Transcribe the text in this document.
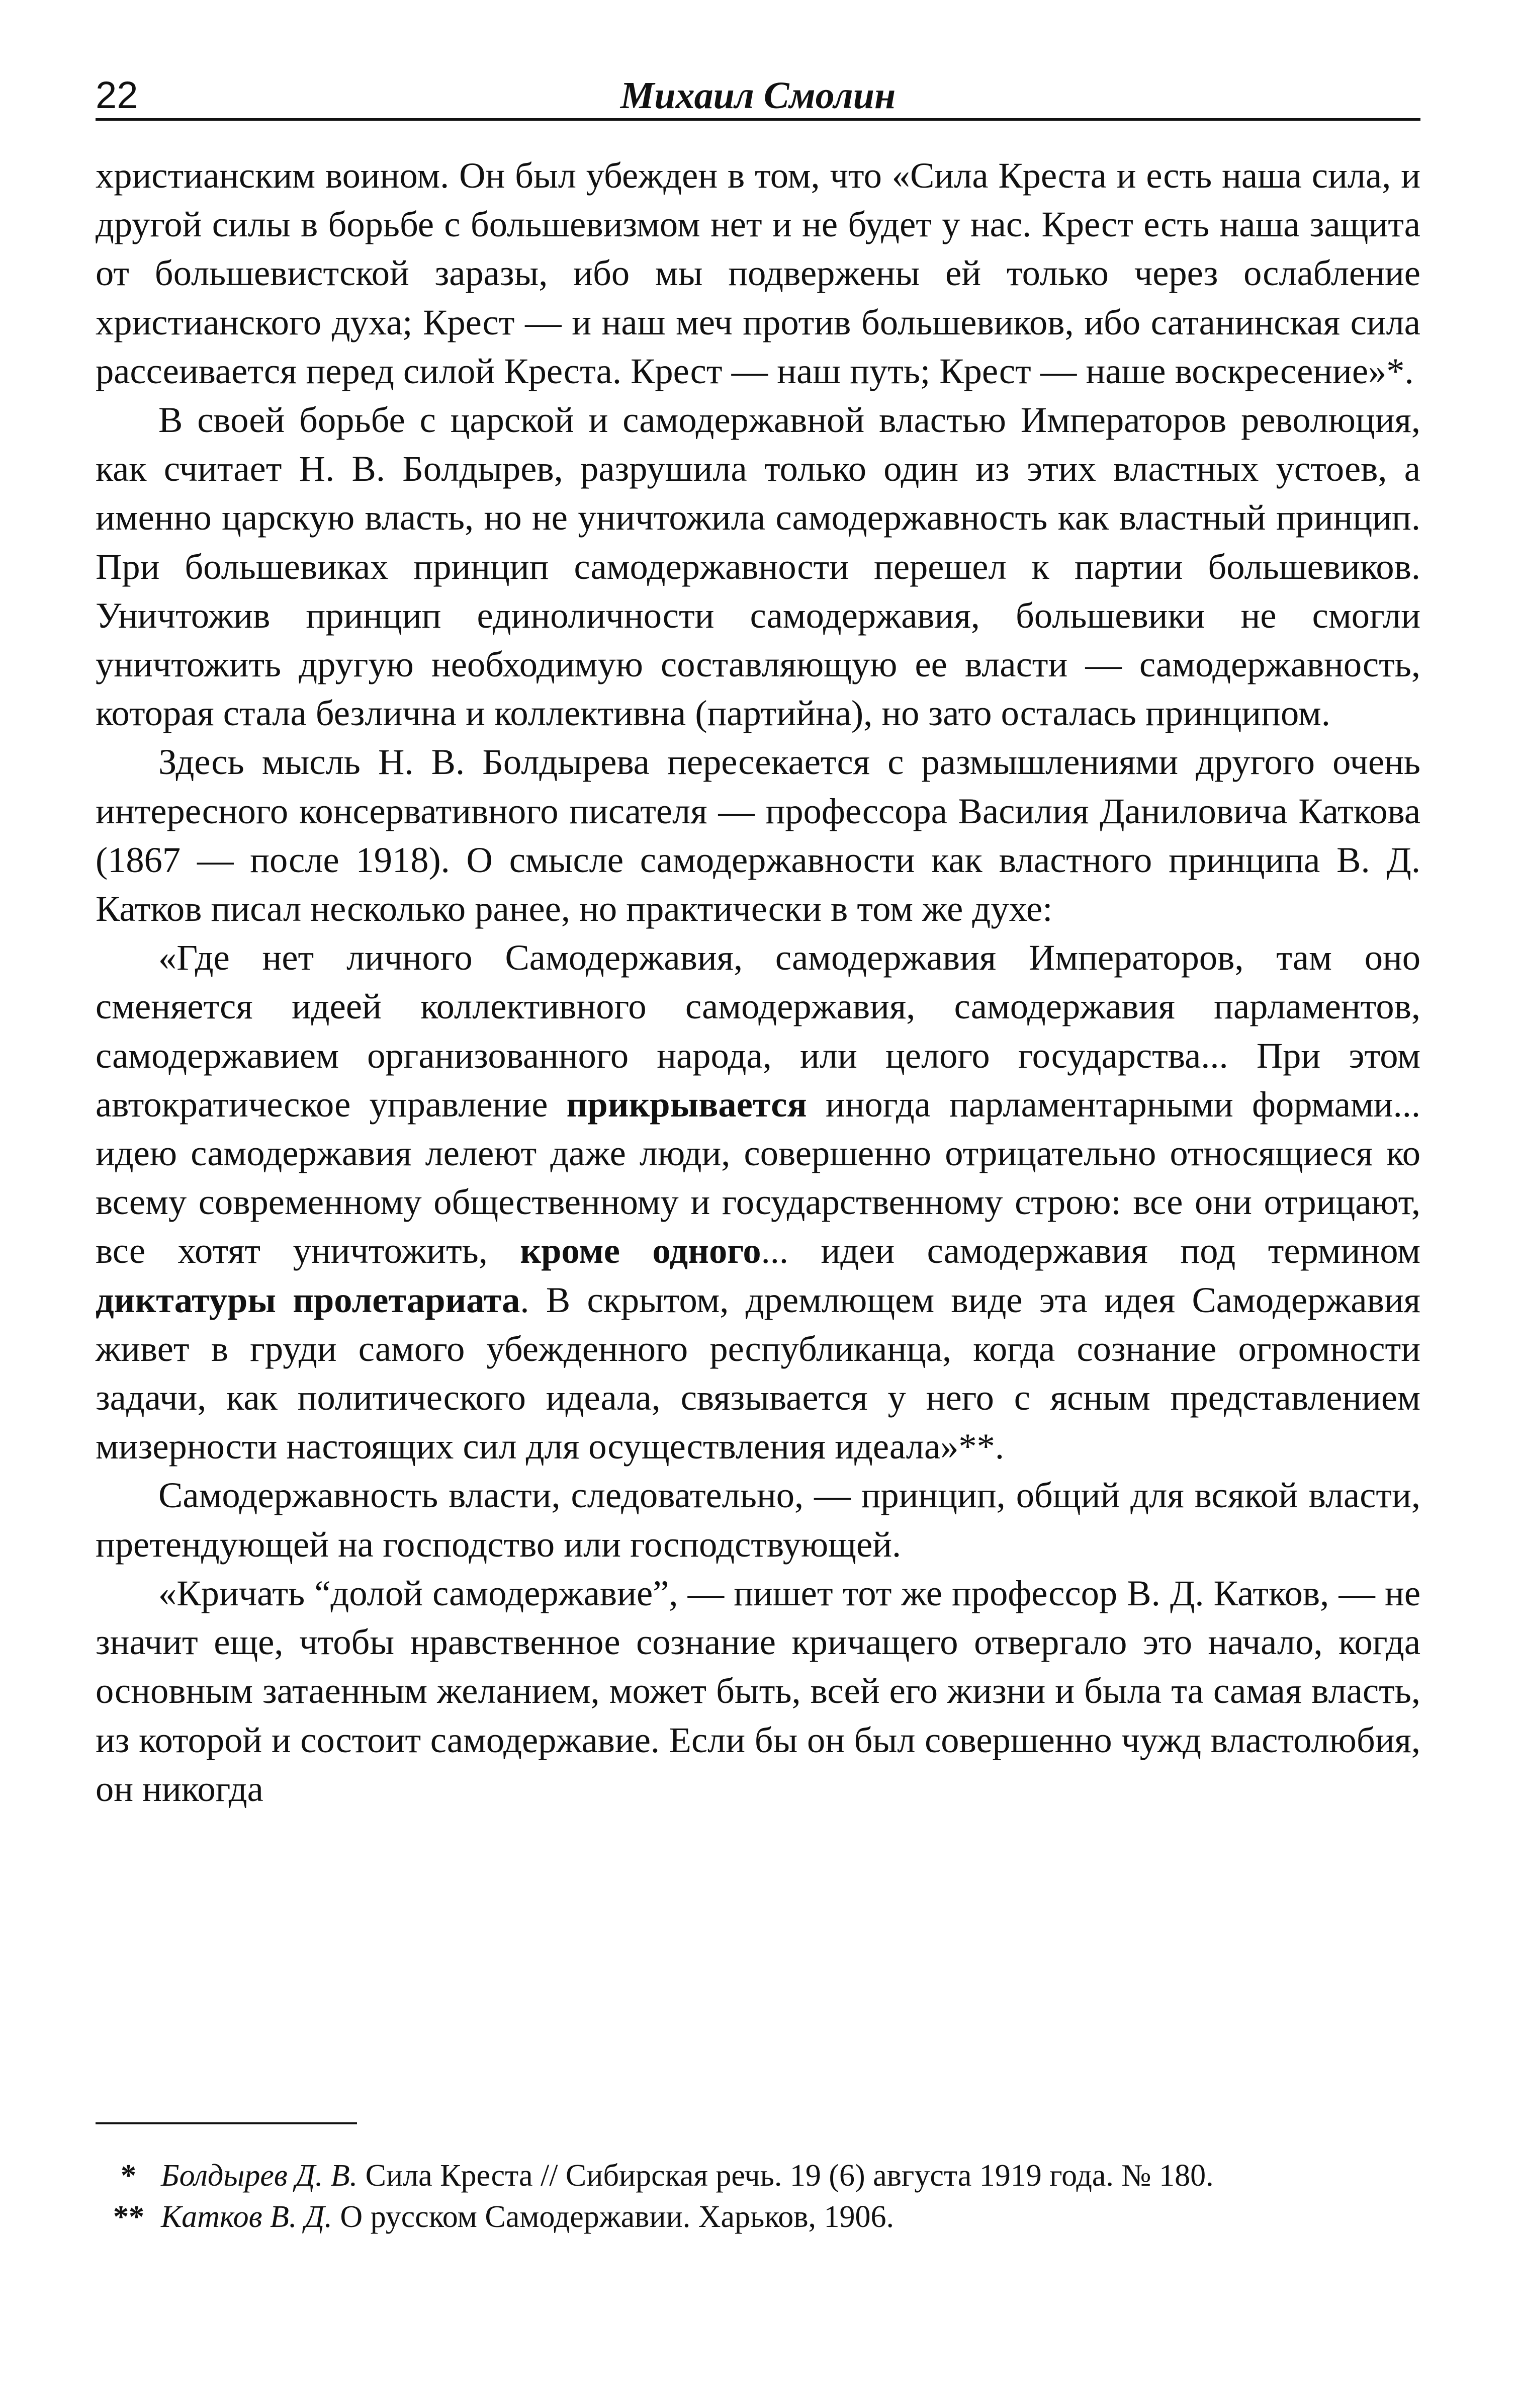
22	Михаил Смолин

христианским воином. Он был убежден в том, что «Сила Креста и есть наша сила, и другой силы в борьбе с большевизмом нет и не будет у нас. Крест есть наша защита от большевистской заразы, ибо мы подвержены ей только через ослабление христианского духа; Крест — и наш меч против большевиков, ибо сатанинская сила рассеивается перед силой Креста. Крест — наш путь; Крест — наше воскресение»*.

В своей борьбе с царской и самодержавной властью Императоров революция, как считает Н. В. Болдырев, разрушила только один из этих властных устоев, а именно царскую власть, но не уничтожила самодержавность как властный принцип. При большевиках принцип самодержавности перешел к партии большевиков. Уничтожив принцип единоличности самодержавия, большевики не смогли уничтожить другую необходимую составляющую ее власти — самодержавность, которая стала безлична и коллективна (партийна), но зато осталась принципом.

Здесь мысль Н. В. Болдырева пересекается с размышлениями другого очень интересного консервативного писателя — профессора Василия Даниловича Каткова (1867 — после 1918). О смысле самодержавности как властного принципа В. Д. Катков писал несколько ранее, но практически в том же духе:

«Где нет личного Самодержавия, самодержавия Императоров, там оно сменяется идеей коллективного самодержавия, самодержавия парламентов, самодержавием организованного народа, или целого государства... При этом автократическое управление прикрывается иногда парламентарными формами... идею самодержавия лелеют даже люди, совершенно отрицательно относящиеся ко всему современному общественному и государственному строю: все они отрицают, все хотят уничтожить, кроме одного... идеи самодержавия под термином диктатуры пролетариата. В скрытом, дремлющем виде эта идея Самодержавия живет в груди самого убежденного республиканца, когда сознание огромности задачи, как политического идеала, связывается у него с ясным представлением мизерности настоящих сил для осуществления идеала»**.

Самодержавность власти, следовательно, — принцип, общий для всякой власти, претендующей на господство или господствующей.

«Кричать “долой самодержавие”, — пишет тот же профессор В. Д. Катков, — не значит еще, чтобы нравственное сознание кричащего отвергало это начало, когда основным затаенным желанием, может быть, всей его жизни и была та самая власть, из которой и состоит самодержавие. Если бы он был совершенно чужд властолюбия, он никогда

* Болдырев Д. В. Сила Креста // Сибирская речь. 19 (6) августа 1919 года. № 180.

** Катков В. Д. О русском Самодержавии. Харьков, 1906.
